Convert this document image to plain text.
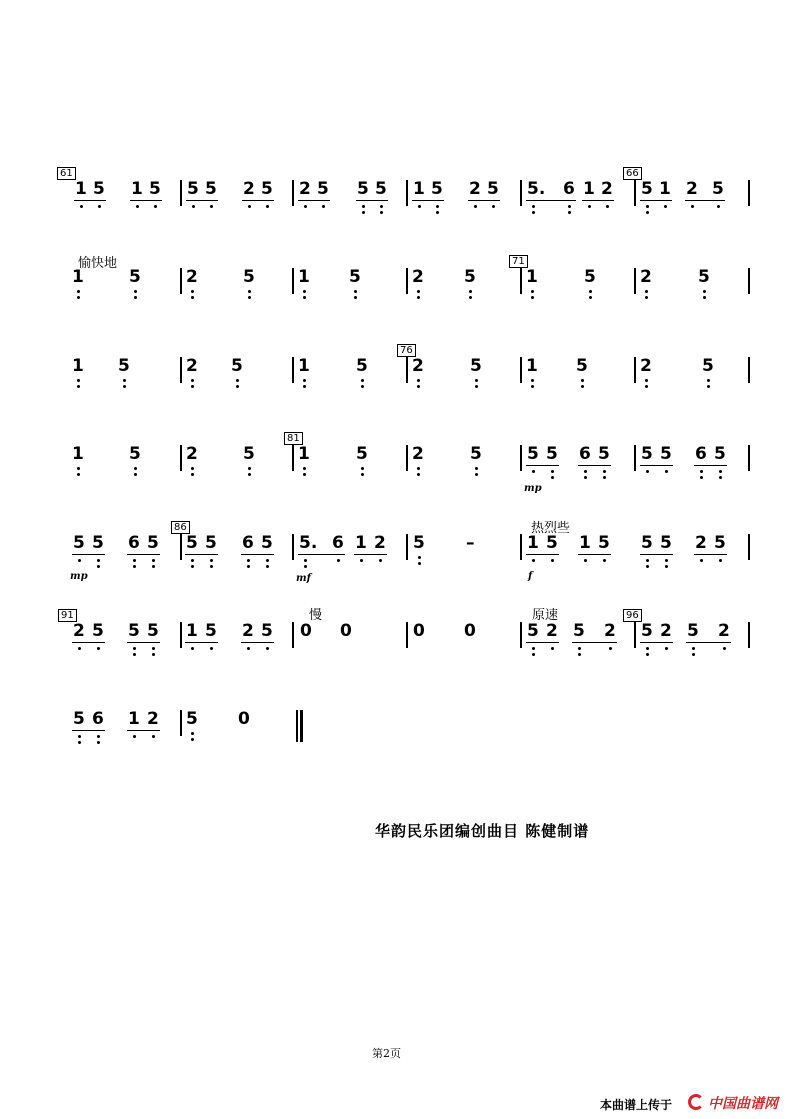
61	66
1 5 1 5 5 5 2 5 2 5 5 5 1 5 2 5 5.	6 1 2 5 1 2 5
71
愉快地
1	5	2	5	1 5	2 5	1	5	2	5
76
1 5	2 5	1	5	2	5	1 5	2	5
81
mp
1	5	2	5	1	5	2	5	5 5 6 5 5 5 6 5
86	热烈些
mp	mf	f
5 5 6 5 5 5 6 5 5. 6 1 2 5 –	1 5 1 5 5 5 2 5
91	96
慢	原速
2 5 5 5 1 5 2 5 0 0	0 0	5 2 5 2 5 2 5 2
5 6 1 2 5 0
华韵民乐团编创曲目 陈健制谱
第2页
本曲谱上传于	中国曲谱网
